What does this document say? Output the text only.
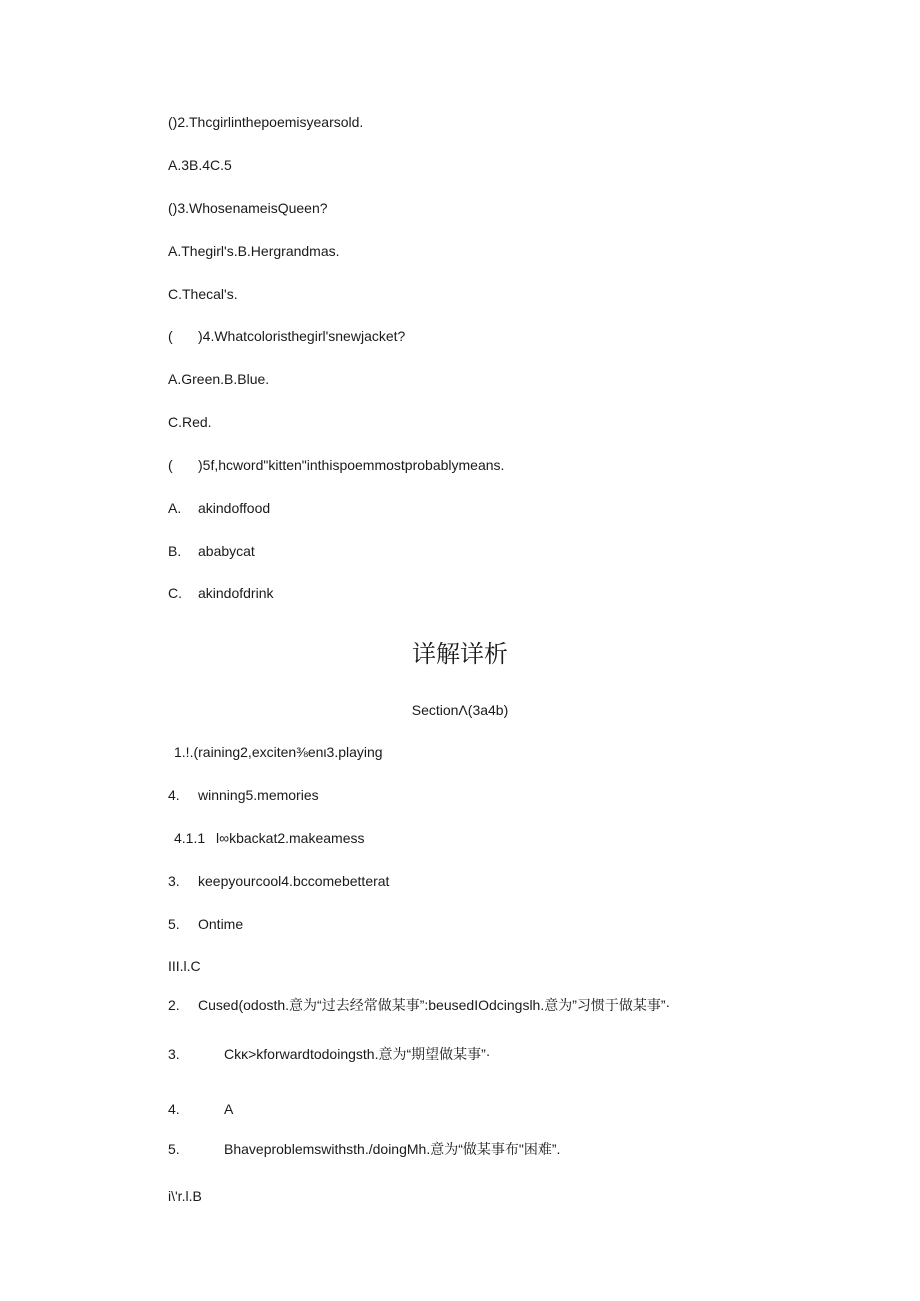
()2.Thcgirlinthepoemisyearsold.
A.3B.4C.5
()3.WhosenameisQueen?
A.Thegirl's.B.Hergrandmas.
C.Thecal's.
( )4.Whatcoloristhegirl'snewjacket?
A.Green.B.Blue.
C.Red.
( )5f,hcword"kitten"inthispoemmostprobablymeans.
A. akindoffood
B. ababycat
C. akindofdrink
详解详析
SectionΛ(3a4b)
1.!.(raining2,exciten⅜enι3.playing
4. winning5.memories
4.1.1 l∞kbackat2.makeamess
3. keepyourcool4.bccomebetterat
5. Ontime
III.l.C
2. Cused(odosth.意为“过去经常做某事”:beusedIOdcingslh.意为”习惯于做某事”·
3.	Ckκ>kforwardtodoingsth.意为“期望做某事”·
4.	A
5.	Bhaveproblemswithsth./doingMh.意为“做某事布"困难”.
i\'r.l.B
